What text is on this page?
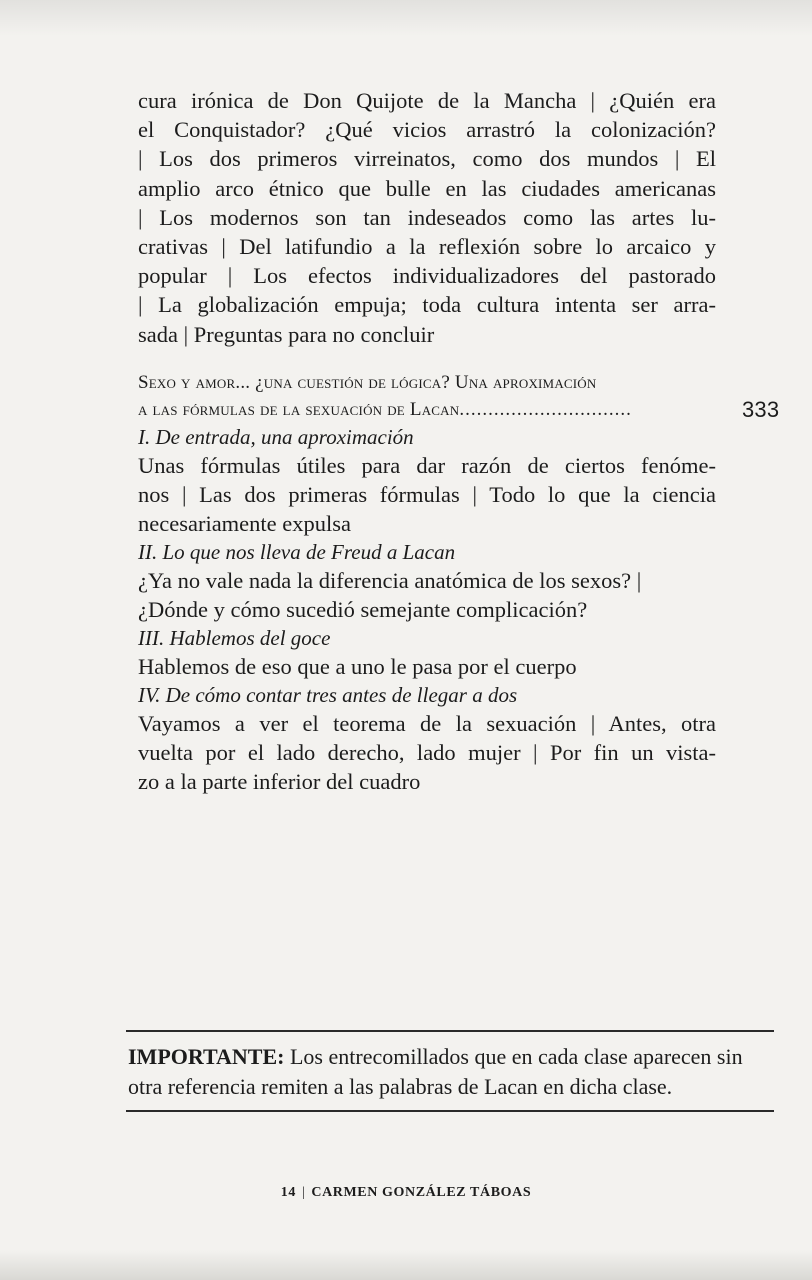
cura irónica de Don Quijote de la Mancha | ¿Quién era
el Conquistador? ¿Qué vicios arrastró la colonización?
| Los dos primeros virreinatos, como dos mundos | El
amplio arco étnico que bulle en las ciudades americanas
| Los modernos son tan indeseados como las artes lu-
crativas | Del latifundio a la reflexión sobre lo arcaico y
popular | Los efectos individualizadores del pastorado
| La globalización empuja; toda cultura intenta ser arra-
sada | Preguntas para no concluir

Sexo y amor... ¿una cuestión de lógica? Una aproximación
a las fórmulas de la sexuación de Lacan..............................	333
I. De entrada, una aproximación
Unas fórmulas útiles para dar razón de ciertos fenóme-
nos | Las dos primeras fórmulas | Todo lo que la ciencia
necesariamente expulsa
II. Lo que nos lleva de Freud a Lacan
¿Ya no vale nada la diferencia anatómica de los sexos? |
¿Dónde y cómo sucedió semejante complicación?
III. Hablemos del goce
Hablemos de eso que a uno le pasa por el cuerpo
IV. De cómo contar tres antes de llegar a dos
Vayamos a ver el teorema de la sexuación | Antes, otra
vuelta por el lado derecho, lado mujer | Por fin un vista-
zo a la parte inferior del cuadro

IMPORTANTE: Los entrecomillados que en cada clase aparecen sin otra referencia remiten a las palabras de Lacan en dicha clase.

14 | CARMEN GONZÁLEZ TÁBOAS
